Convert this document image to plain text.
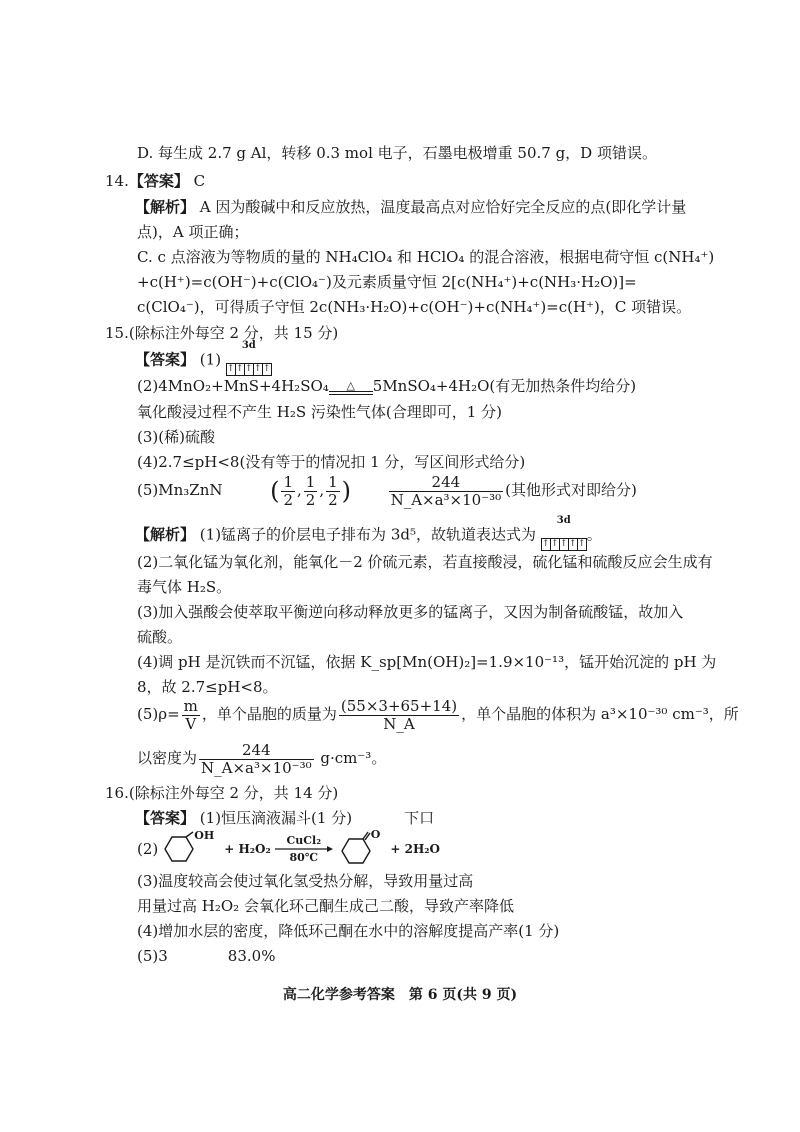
D. 每生成 2.7 g Al，转移 0.3 mol 电子，石墨电极增重 50.7 g，D 项错误。
14.【答案】 C
【解析】 A 因为酸碱中和反应放热，温度最高点对应恰好完全反应的点(即化学计量
点)，A 项正确；
C. c 点溶液为等物质的量的 NH₄ClO₄ 和 HClO₄ 的混合溶液，根据电荷守恒 c(NH₄⁺)
+c(H⁺)=c(OH⁻)+c(ClO₄⁻)及元素质量守恒 2[c(NH₄⁺)+c(NH₃·H₂O)]=
c(ClO₄⁻)，可得质子守恒 2c(NH₃·H₂O)+c(OH⁻)+c(NH₄⁺)=c(H⁺)，C 项错误。
15.(除标注外每空 2 分，共 15 分)
【答案】 (1)
3d
↑ ↑ ↑ ↑ ↑
(2)4MnO₂+MnS+4H₂SO₄	△	5MnSO₄+4H₂O(有无加热条件均给分)
氧化酸浸过程不产生 H₂S 污染性气体(合理即可，1 分)
(3)(稀)硫酸
(4)2.7≤pH<8(没有等于的情况扣 1 分，写区间形式给分)
(5)Mn₃ZnN ( $\frac{1}{2}$ , $\frac{1}{2}$ , $\frac{1}{2}$ )	$\frac{244}{\text{N\_A×a³×10⁻³⁰}}$ (其他形式对即给分)
【解析】 (1)锰离子的价层电子排布为 3d⁵，故轨道表达式为
3d
↑ ↑ ↑ ↑ ↑
。
(2)二氧化锰为氧化剂，能氧化－2 价硫元素，若直接酸浸，硫化锰和硫酸反应会生成有
毒气体 H₂S。
(3)加入强酸会使萃取平衡逆向移动释放更多的锰离子，又因为制备硫酸锰，故加入
硫酸。
(4)调 pH 是沉铁而不沉锰，依据 K_sp[Mn(OH)₂]=1.9×10⁻¹³，锰开始沉淀的 pH 为
8，故 2.7≤pH<8。
$(5)\rho= \frac{m}{V}$ ，单个晶胞的质量为 $\frac{(55\times 3+65+14)}{N\_A}$ ，单个晶胞的体积为 a³×10⁻³⁰ cm⁻³，所
以密度为 $\frac{244}{\text{N\_A×a³×10⁻³⁰}} g\cdot cm^{-3}$。
16.(除标注外每空 2 分，共 14 分)
【答案】 (1)恒压滴液漏斗(1 分)	下口
(2)
OH
+ H₂O₂
CuCl₂
80℃
O
+ 2H₂O
(3)温度较高会使过氧化氢受热分解，导致用量过高
用量过高 H₂O₂ 会氧化环己酮生成己二酸，导致产率降低
(4)增加水层的密度，降低环己酮在水中的溶解度提高产率(1 分)
(5)3	83.0%
高二化学参考答案　第 6 页(共 9 页)
